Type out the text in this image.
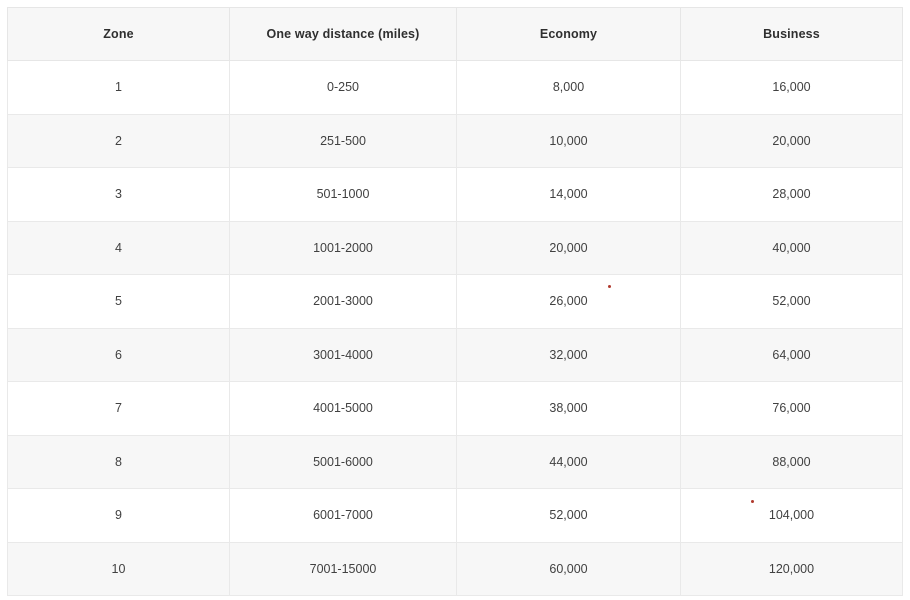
Zone	One way distance (miles)	Economy	Business
1	0-250	8,000	16,000
2	251-500	10,000	20,000
3	501-1000	14,000	28,000
4	1001-2000	20,000	40,000
5	2001-3000	26,000	52,000
6	3001-4000	32,000	64,000
7	4001-5000	38,000	76,000
8	5001-6000	44,000	88,000
9	6001-7000	52,000	104,000

10	7001-15000	60,000	120,000
